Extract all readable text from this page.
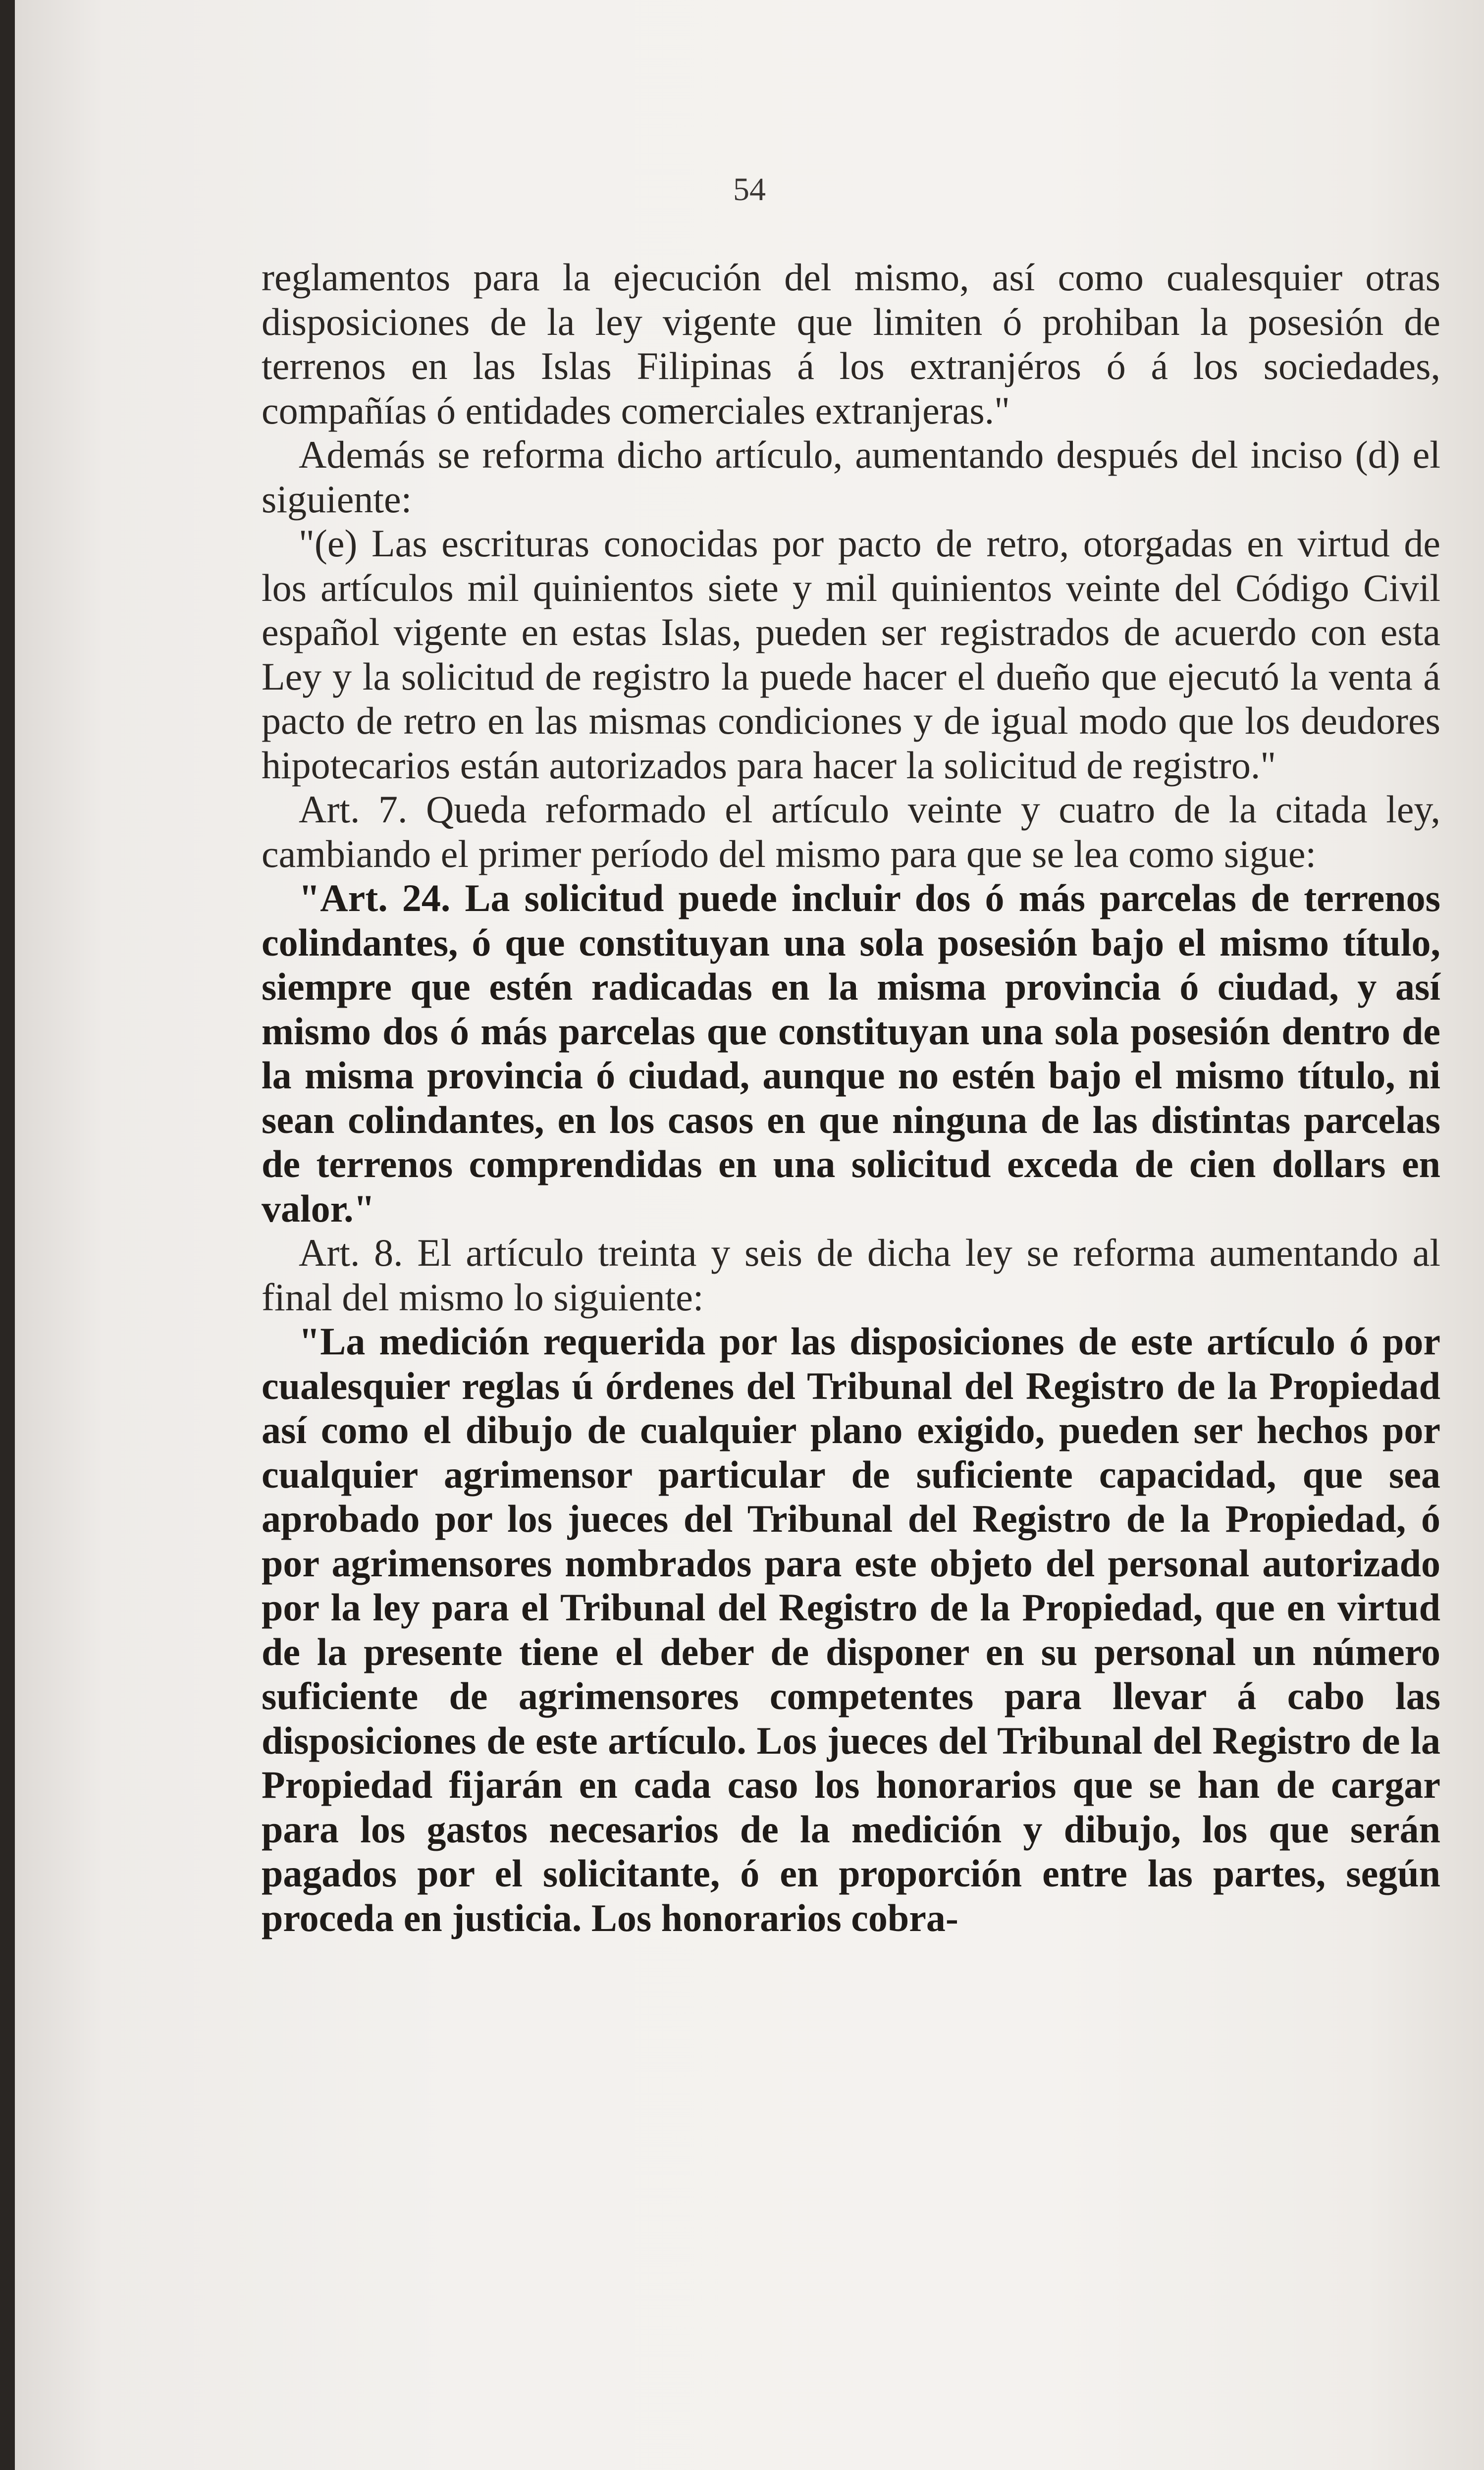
54

reglamentos para la ejecución del mismo, así como cualesquier otras disposiciones de la ley vigente que limiten ó prohiban la posesión de terrenos en las Islas Filipinas á los extranjéros ó á los sociedades, compañías ó entidades comerciales extranjeras."

Además se reforma dicho artículo, aumentando después del inciso (d) el siguiente:

"(e) Las escrituras conocidas por pacto de retro, otorgadas en virtud de los artículos mil quinientos siete y mil quinientos veinte del Código Civil español vigente en estas Islas, pueden ser registrados de acuerdo con esta Ley y la solicitud de registro la puede hacer el dueño que ejecutó la venta á pacto de retro en las mismas condiciones y de igual modo que los deudores hipotecarios están autorizados para hacer la solicitud de registro."

Art. 7. Queda reformado el artículo veinte y cuatro de la citada ley, cambiando el primer período del mismo para que se lea como sigue:

"Art. 24. La solicitud puede incluir dos ó más parcelas de terrenos colindantes, ó que constituyan una sola posesión bajo el mismo título, siempre que estén radicadas en la misma provincia ó ciudad, y así mismo dos ó más parcelas que constituyan una sola posesión dentro de la misma provincia ó ciudad, aunque no estén bajo el mismo título, ni sean colindantes, en los casos en que ninguna de las distintas parcelas de terrenos comprendidas en una solicitud exceda de cien dollars en valor."

Art. 8. El artículo treinta y seis de dicha ley se reforma aumentando al final del mismo lo siguiente:

"La medición requerida por las disposiciones de este artículo ó por cualesquier reglas ú órdenes del Tribunal del Registro de la Propiedad así como el dibujo de cualquier plano exigido, pueden ser hechos por cualquier agrimensor particular de suficiente capacidad, que sea aprobado por los jueces del Tribunal del Registro de la Propiedad, ó por agrimensores nombrados para este objeto del personal autorizado por la ley para el Tribunal del Registro de la Propiedad, que en virtud de la presente tiene el deber de disponer en su personal un número suficiente de agrimensores competentes para llevar á cabo las disposiciones de este artículo. Los jueces del Tribunal del Registro de la Propiedad fijarán en cada caso los honorarios que se han de cargar para los gastos necesarios de la medición y dibujo, los que serán pagados por el solicitante, ó en proporción entre las partes, según proceda en justicia. Los honorarios cobra-
